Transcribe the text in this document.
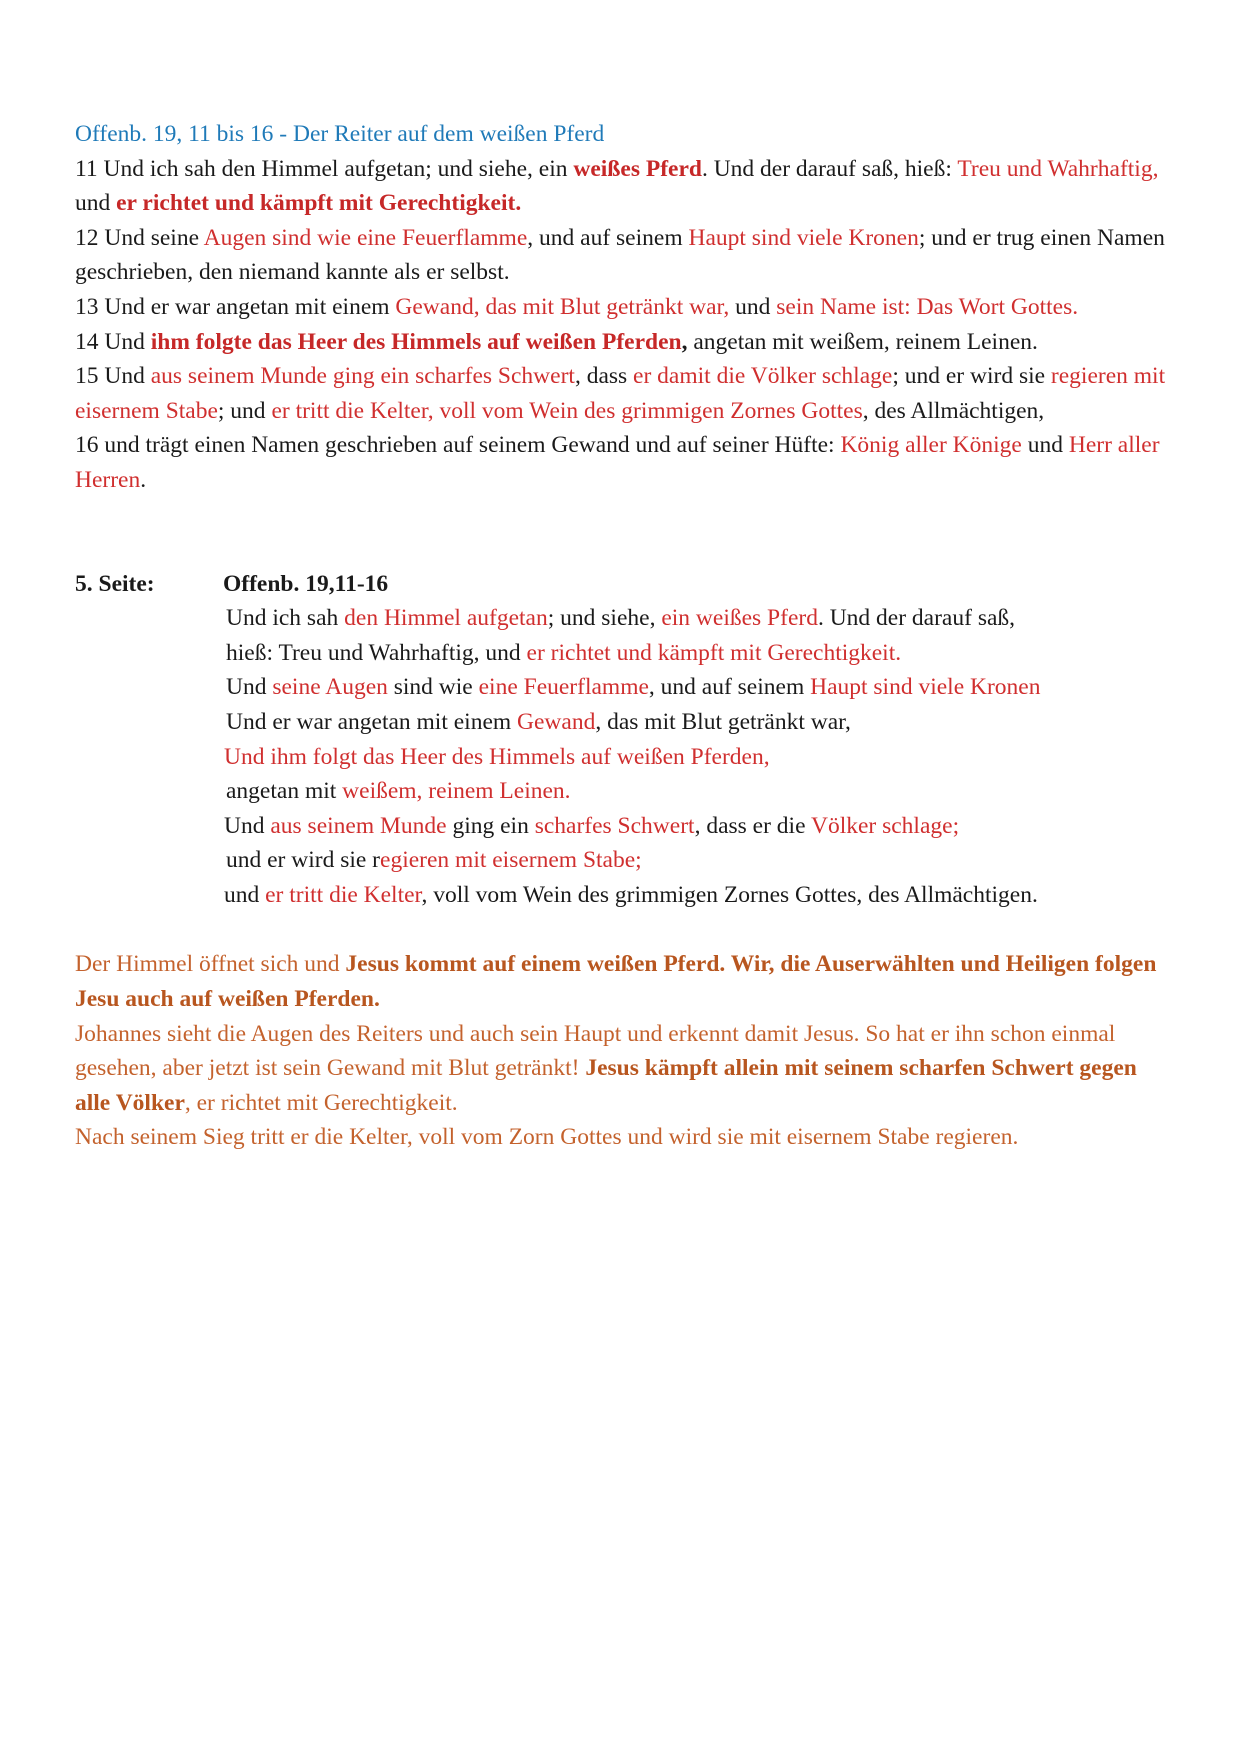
Offenb. 19, 11 bis 16 - Der Reiter auf dem weißen Pferd
11 Und ich sah den Himmel aufgetan; und siehe, ein weißes Pferd. Und der darauf saß, hieß: Treu und Wahrhaftig, und er richtet und kämpft mit Gerechtigkeit.
12 Und seine Augen sind wie eine Feuerflamme, und auf seinem Haupt sind viele Kronen; und er trug einen Namen geschrieben, den niemand kannte als er selbst.
13 Und er war angetan mit einem Gewand, das mit Blut getränkt war, und sein Name ist: Das Wort Gottes.
14 Und ihm folgte das Heer des Himmels auf weißen Pferden, angetan mit weißem, reinem Leinen.
15 Und aus seinem Munde ging ein scharfes Schwert, dass er damit die Völker schlage; und er wird sie regieren mit eisernem Stabe; und er tritt die Kelter, voll vom Wein des grimmigen Zornes Gottes, des Allmächtigen,
16 und trägt einen Namen geschrieben auf seinem Gewand und auf seiner Hüfte: König aller Könige und Herr aller Herren.
5. Seite:	Offenb. 19,11-16
Und ich sah den Himmel aufgetan; und siehe, ein weißes Pferd. Und der darauf saß,
hieß: Treu und Wahrhaftig, und er richtet und kämpft mit Gerechtigkeit.
Und seine Augen sind wie eine Feuerflamme, und auf seinem Haupt sind viele Kronen
Und er war angetan mit einem Gewand, das mit Blut getränkt war,
Und ihm folgt das Heer des Himmels auf weißen Pferden,
angetan mit weißem, reinem Leinen.
Und aus seinem Munde ging ein scharfes Schwert, dass er die Völker schlage;
und er wird sie regieren mit eisernem Stabe;
und er tritt die Kelter, voll vom Wein des grimmigen Zornes Gottes, des Allmächtigen.
Der Himmel öffnet sich und Jesus kommt auf einem weißen Pferd. Wir, die Auserwählten und Heiligen folgen Jesu auch auf weißen Pferden.
Johannes sieht die Augen des Reiters und auch sein Haupt und erkennt damit Jesus. So hat er ihn schon einmal gesehen, aber jetzt ist sein Gewand mit Blut getränkt! Jesus kämpft allein mit seinem scharfen Schwert gegen alle Völker, er richtet mit Gerechtigkeit.
Nach seinem Sieg tritt er die Kelter, voll vom Zorn Gottes und wird sie mit eisernem Stabe regieren.
